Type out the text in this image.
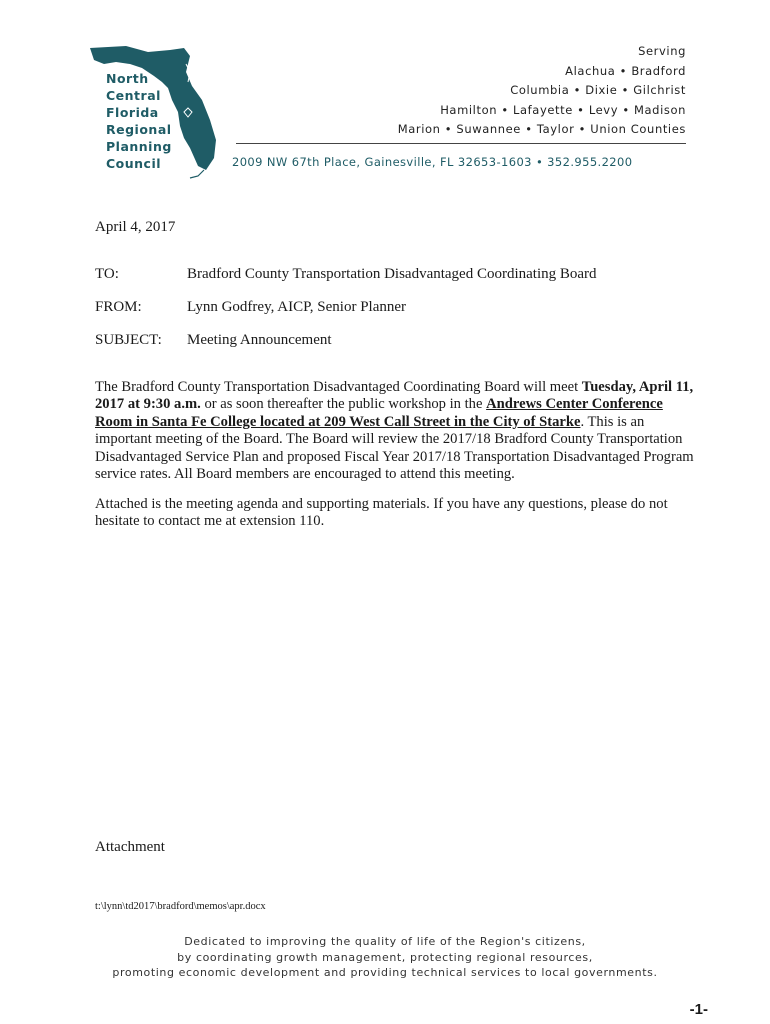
North
Central
Florida
Regional
Planning
Council
Serving
Alachua • Bradford
Columbia • Dixie • Gilchrist
Hamilton • Lafayette • Levy • Madison
Marion • Suwannee • Taylor • Union Counties
2009 NW 67th Place, Gainesville, FL 32653-1603 • 352.955.2200
April 4, 2017
TO:	Bradford County Transportation Disadvantaged Coordinating Board
FROM:	Lynn Godfrey, AICP, Senior Planner
SUBJECT: Meeting Announcement
The Bradford County Transportation Disadvantaged Coordinating Board will meet Tuesday, April 11, 2017 at 9:30 a.m. or as soon thereafter the public workshop in the Andrews Center Conference Room in Santa Fe College located at 209 West Call Street in the City of Starke. This is an important meeting of the Board. The Board will review the 2017/18 Bradford County Transportation Disadvantaged Service Plan and proposed Fiscal Year 2017/18 Transportation Disadvantaged Program service rates. All Board members are encouraged to attend this meeting.
Attached is the meeting agenda and supporting materials. If you have any questions, please do not hesitate to contact me at extension 110.
Attachment
t:\lynn\td2017\bradford\memos\apr.docx
Dedicated to improving the quality of life of the Region's citizens,
by coordinating growth management, protecting regional resources,
promoting economic development and providing technical services to local governments.
-1-
